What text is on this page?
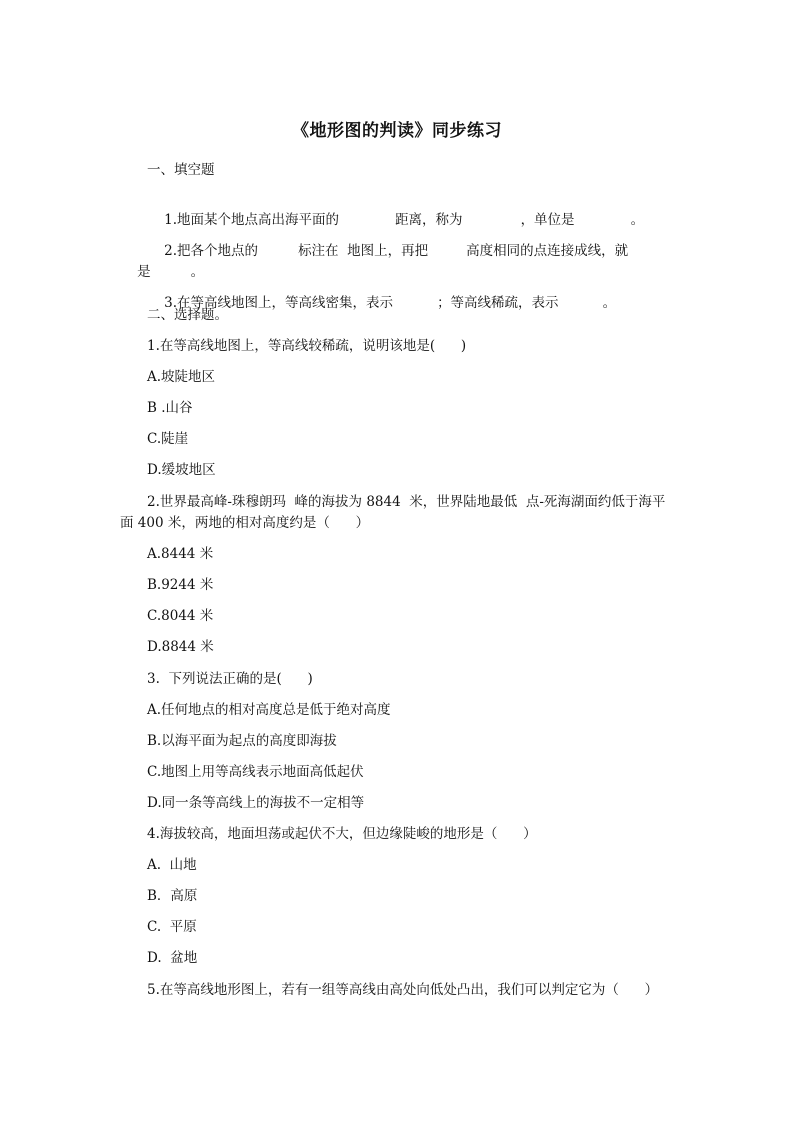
《地形图的判读》同步练习
一、填空题

1.地面某个地点高出海平面的	距离，称为	，单位是	。

2.把各个地点的	标注在  地图上，再把	高度相同的点连接成线，就

是	。

3.在等高线地图上，等高线密集，表示	；等高线稀疏，表示	。

二、选择题。
1.在等高线地图上，等高线较稀疏，说明该地是(      )
A.坡陡地区
B .山谷
C.陡崖
D.缓坡地区
2.世界最高峰-珠穆朗玛  峰的海拔为 8844  米，世界陆地最低  点-死海湖面约低于海平
面 400 米，两地的相对高度约是（      ）
A.8444 米
B.9244 米
C.8044 米
D.8844 米
3.  下列说法正确的是(      )
A.任何地点的相对高度总是低于绝对高度
B.以海平面为起点的高度即海拔
C.地图上用等高线表示地面高低起伏
D.同一条等高线上的海拔不一定相等
4.海拔较高，地面坦荡或起伏不大，但边缘陡峻的地形是（      ）
A.  山地
B．高原
C.  平原
D.  盆地
5.在等高线地形图上，若有一组等高线由高处向低处凸出，我们可以判定它为（      ）
